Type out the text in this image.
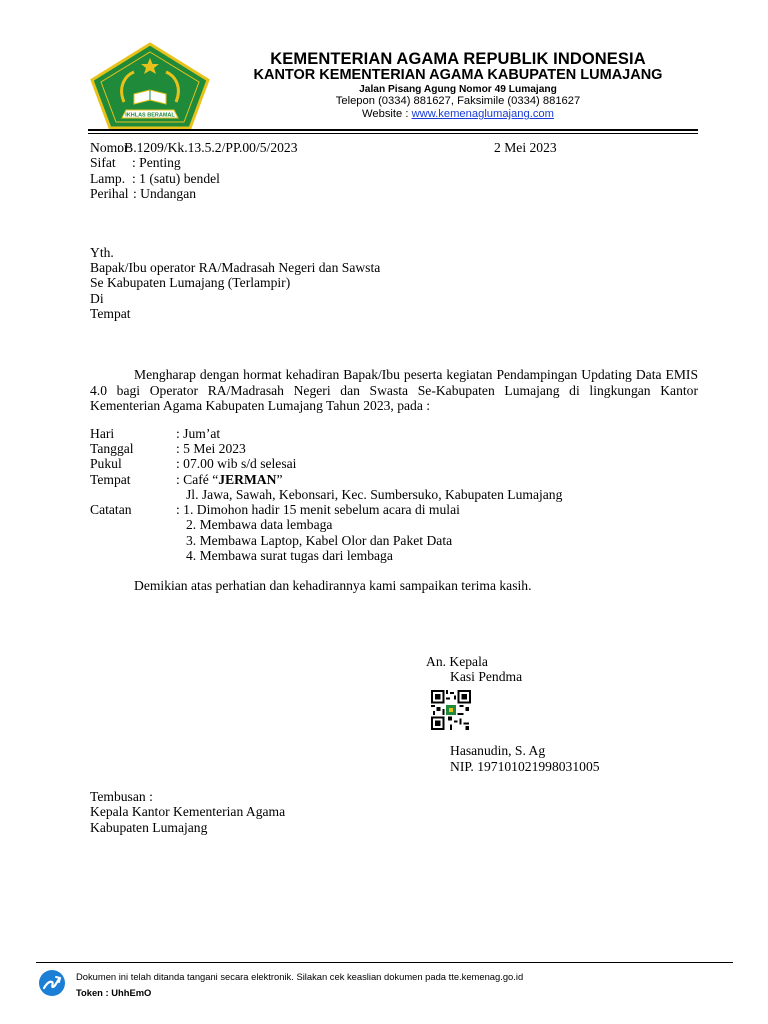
IKHLAS BERAMAL
KEMENTERIAN AGAMA REPUBLIK INDONESIA
KANTOR KEMENTERIAN AGAMA KABUPATEN LUMAJANG
Jalan Pisang Agung Nomor 49 Lumajang
Telepon (0334) 881627, Faksimile (0334) 881627
Website : www.kemenaglumajang.com
Nomor
: B.1209/Kk.13.5.2/PP.00/5/2023	2 Mei 2023
Sifat : Penting
Lamp. : 1 (satu) bendel
Perihal : Undangan
Yth.
Bapak/Ibu operator RA/Madrasah Negeri dan Sawsta
Se Kabupaten Lumajang (Terlampir)
Di
Tempat
Mengharap dengan hormat kehadiran Bapak/Ibu peserta kegiatan Pendampingan Updating Data EMIS 4.0 bagi Operator RA/Madrasah Negeri dan Swasta Se-Kabupaten Lumajang di lingkungan Kantor Kementerian Agama Kabupaten Lumajang Tahun 2023, pada :
Hari	: Jum’at
Tanggal	: 5 Mei 2023
Pukul	: 07.00 wib s/d selesai
Tempat	: Café “JERMAN”
Jl. Jawa, Sawah, Kebonsari, Kec. Sumbersuko, Kabupaten Lumajang
Catatan	: 1. Dimohon hadir 15 menit sebelum acara di mulai
2. Membawa data lembaga
3. Membawa Laptop, Kabel Olor dan Paket Data
4. Membawa surat tugas dari lembaga
Demikian atas perhatian dan kehadirannya kami sampaikan terima kasih.
An. Kepala
Kasi Pendma
Hasanudin, S. Ag
NIP. 197101021998031005
Tembusan :
Kepala Kantor Kementerian Agama
Kabupaten Lumajang
Dokumen ini telah ditanda tangani secara elektronik. Silakan cek keaslian dokumen pada tte.kemenag.go.id
Token : UhhEmO
